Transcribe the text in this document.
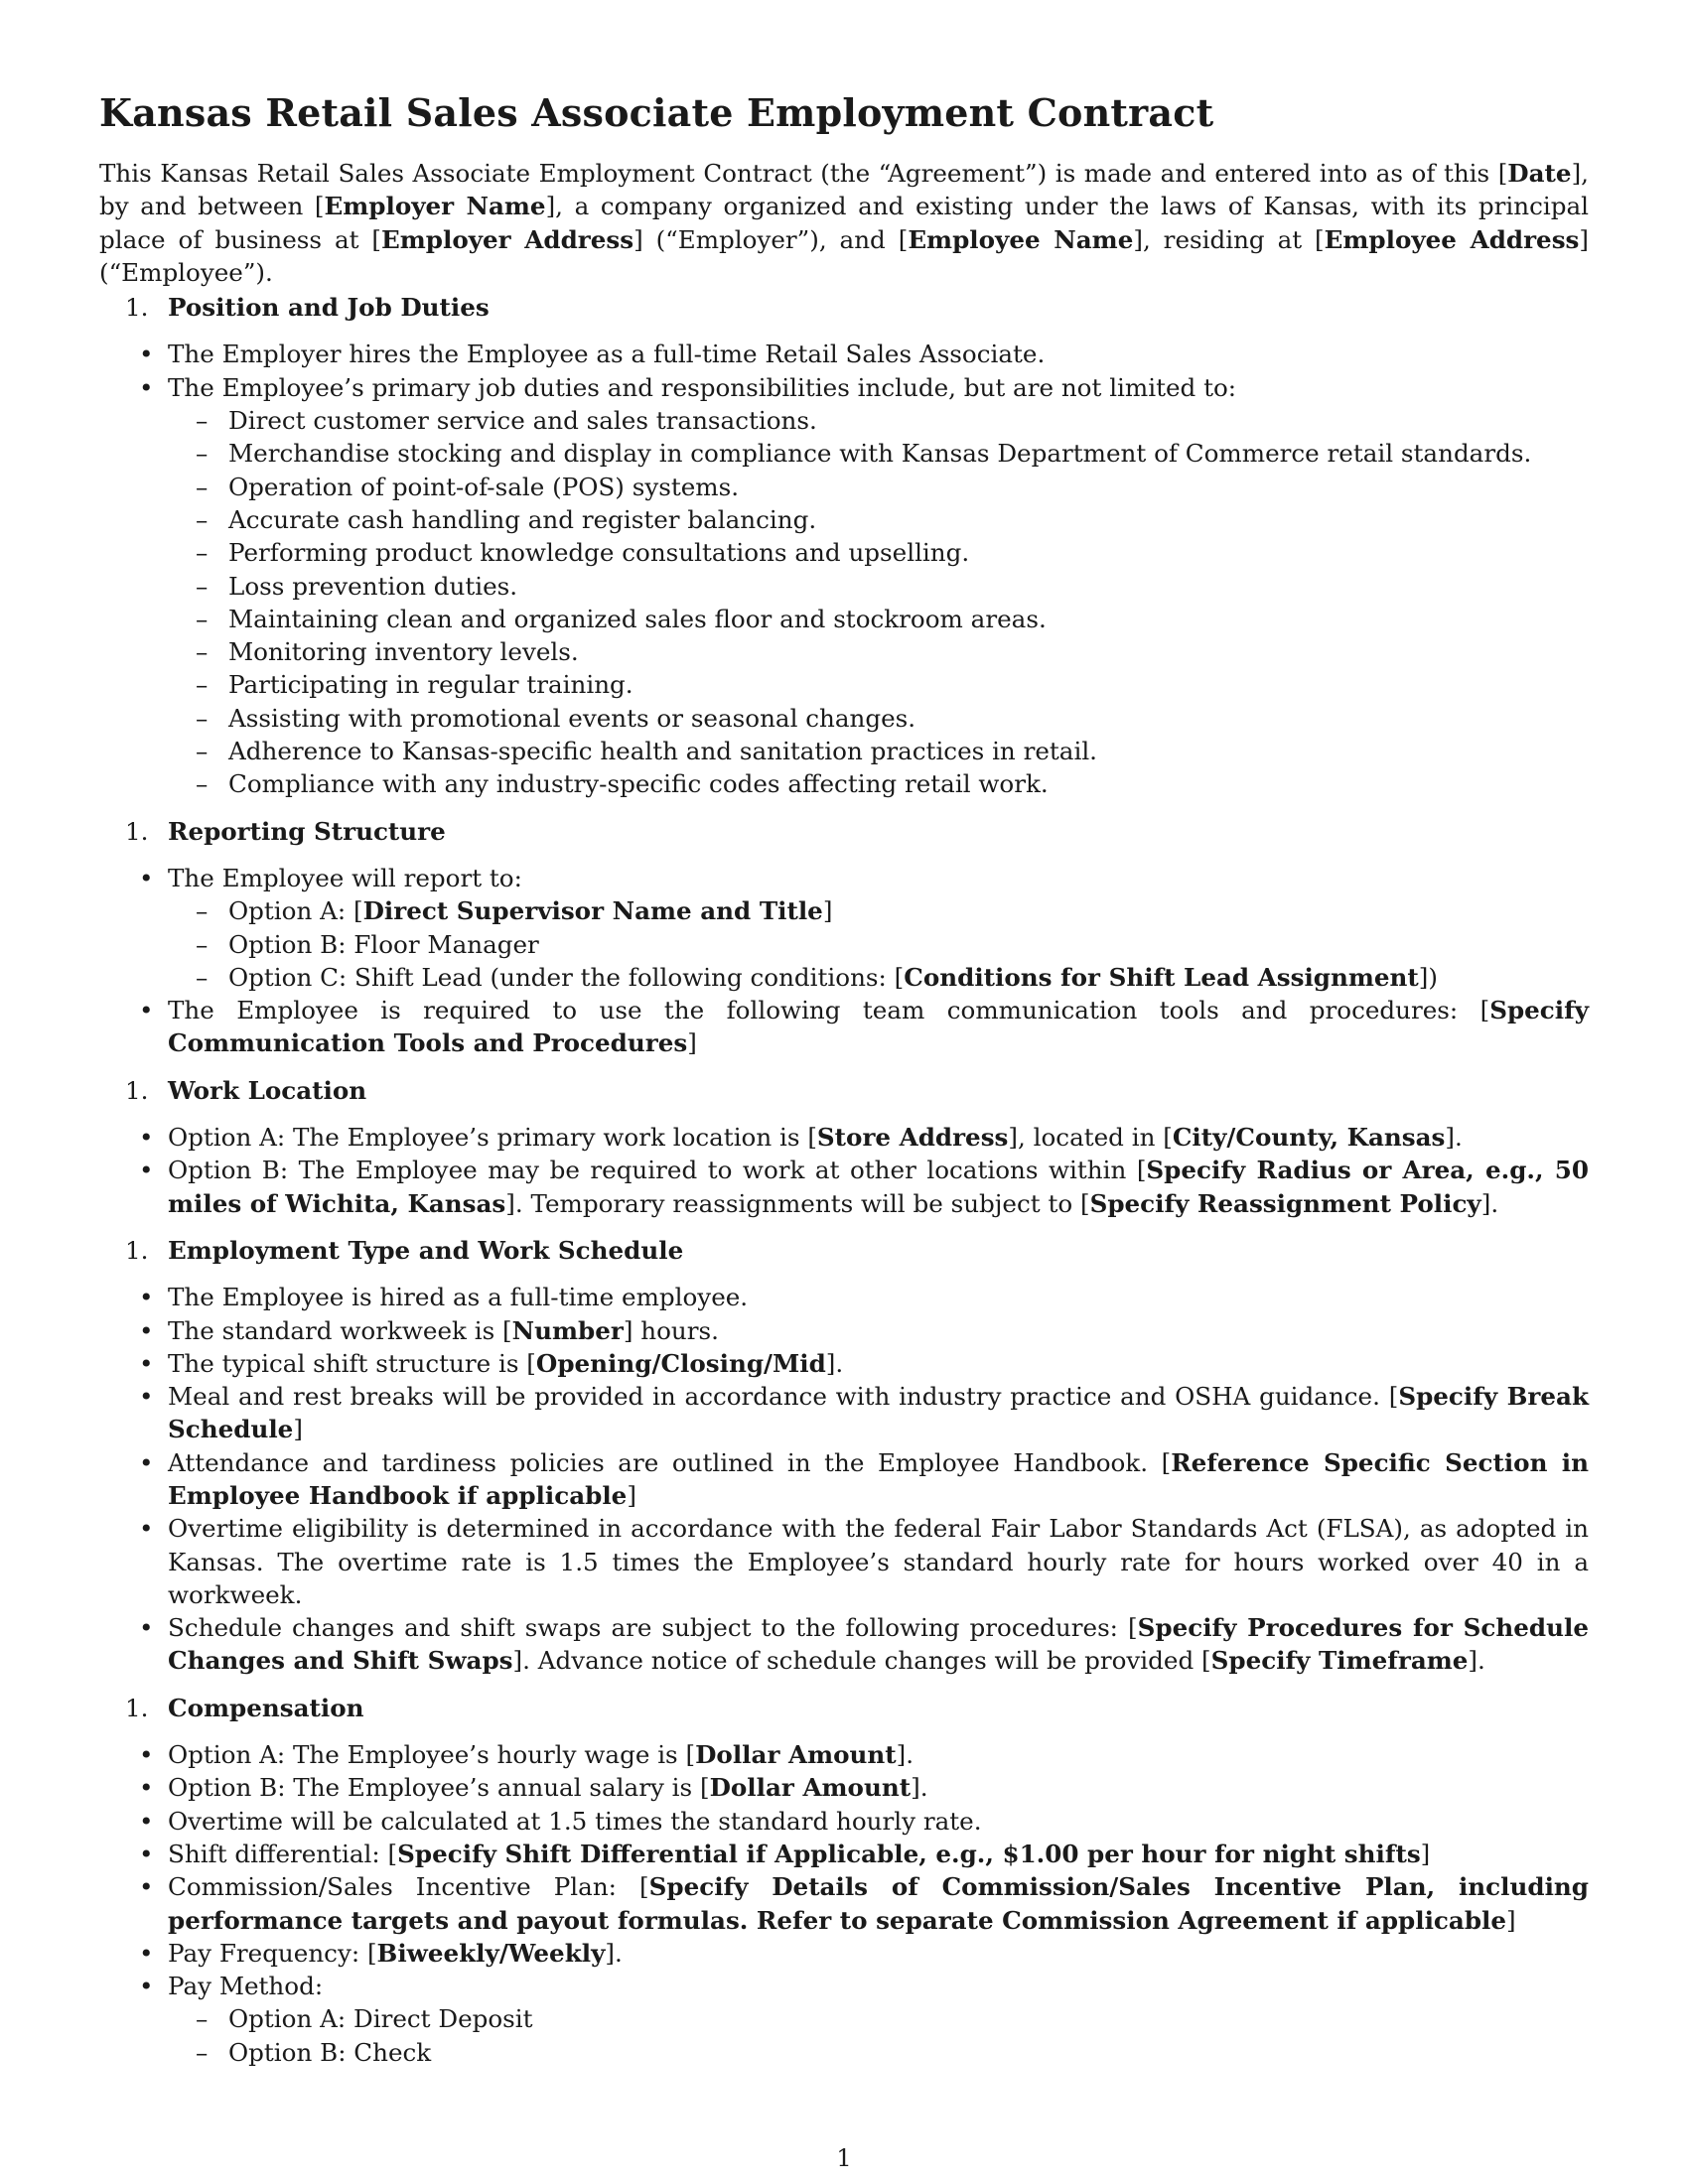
Kansas Retail Sales Associate Employment Contract

This Kansas Retail Sales Associate Employment Contract (the “Agreement”) is made and entered into as of this [Date], by and between [Employer Name], a company organized and existing under the laws of Kansas, with its principal place of business at [Employer Address] (“Employer”), and [Employee Name], residing at [Employee Address] (“Employee”).

1. Position and Job Duties
• The Employer hires the Employee as a full-time Retail Sales Associate.
• The Employee’s primary job duties and responsibilities include, but are not limited to:
– Direct customer service and sales transactions.
– Merchandise stocking and display in compliance with Kansas Department of Commerce retail standards.
– Operation of point-of-sale (POS) systems.
– Accurate cash handling and register balancing.
– Performing product knowledge consultations and upselling.
– Loss prevention duties.
– Maintaining clean and organized sales floor and stockroom areas.
– Monitoring inventory levels.
– Participating in regular training.
– Assisting with promotional events or seasonal changes.
– Adherence to Kansas-specific health and sanitation practices in retail.
– Compliance with any industry-specific codes affecting retail work.
1. Reporting Structure
• The Employee will report to:
– Option A: [Direct Supervisor Name and Title]
– Option B: Floor Manager
– Option C: Shift Lead (under the following conditions: [Conditions for Shift Lead Assignment])
• The Employee is required to use the following team communication tools and procedures: [Specify Communication Tools and Procedures]
1. Work Location
• Option A: The Employee’s primary work location is [Store Address], located in [City/County, Kansas].
• Option B: The Employee may be required to work at other locations within [Specify Radius or Area, e.g., 50 miles of Wichita, Kansas]. Temporary reassignments will be subject to [Specify Reassignment Policy].
1. Employment Type and Work Schedule
• The Employee is hired as a full-time employee.
• The standard workweek is [Number] hours.
• The typical shift structure is [Opening/Closing/Mid].
• Meal and rest breaks will be provided in accordance with industry practice and OSHA guidance. [Specify Break Schedule]
• Attendance and tardiness policies are outlined in the Employee Handbook. [Reference Specific Section in Employee Handbook if applicable]
• Overtime eligibility is determined in accordance with the federal Fair Labor Standards Act (FLSA), as adopted in Kansas. The overtime rate is 1.5 times the Employee’s standard hourly rate for hours worked over 40 in a workweek.
• Schedule changes and shift swaps are subject to the following procedures: [Specify Procedures for Schedule Changes and Shift Swaps]. Advance notice of schedule changes will be provided [Specify Timeframe].
1. Compensation
• Option A: The Employee’s hourly wage is [Dollar Amount].
• Option B: The Employee’s annual salary is [Dollar Amount].
• Overtime will be calculated at 1.5 times the standard hourly rate.
• Shift differential: [Specify Shift Differential if Applicable, e.g., $1.00 per hour for night shifts]
• Commission/Sales Incentive Plan: [Specify Details of Commission/Sales Incentive Plan, including performance targets and payout formulas. Refer to separate Commission Agreement if applicable]
• Pay Frequency: [Biweekly/Weekly].
• Pay Method:
– Option A: Direct Deposit
– Option B: Check
1
